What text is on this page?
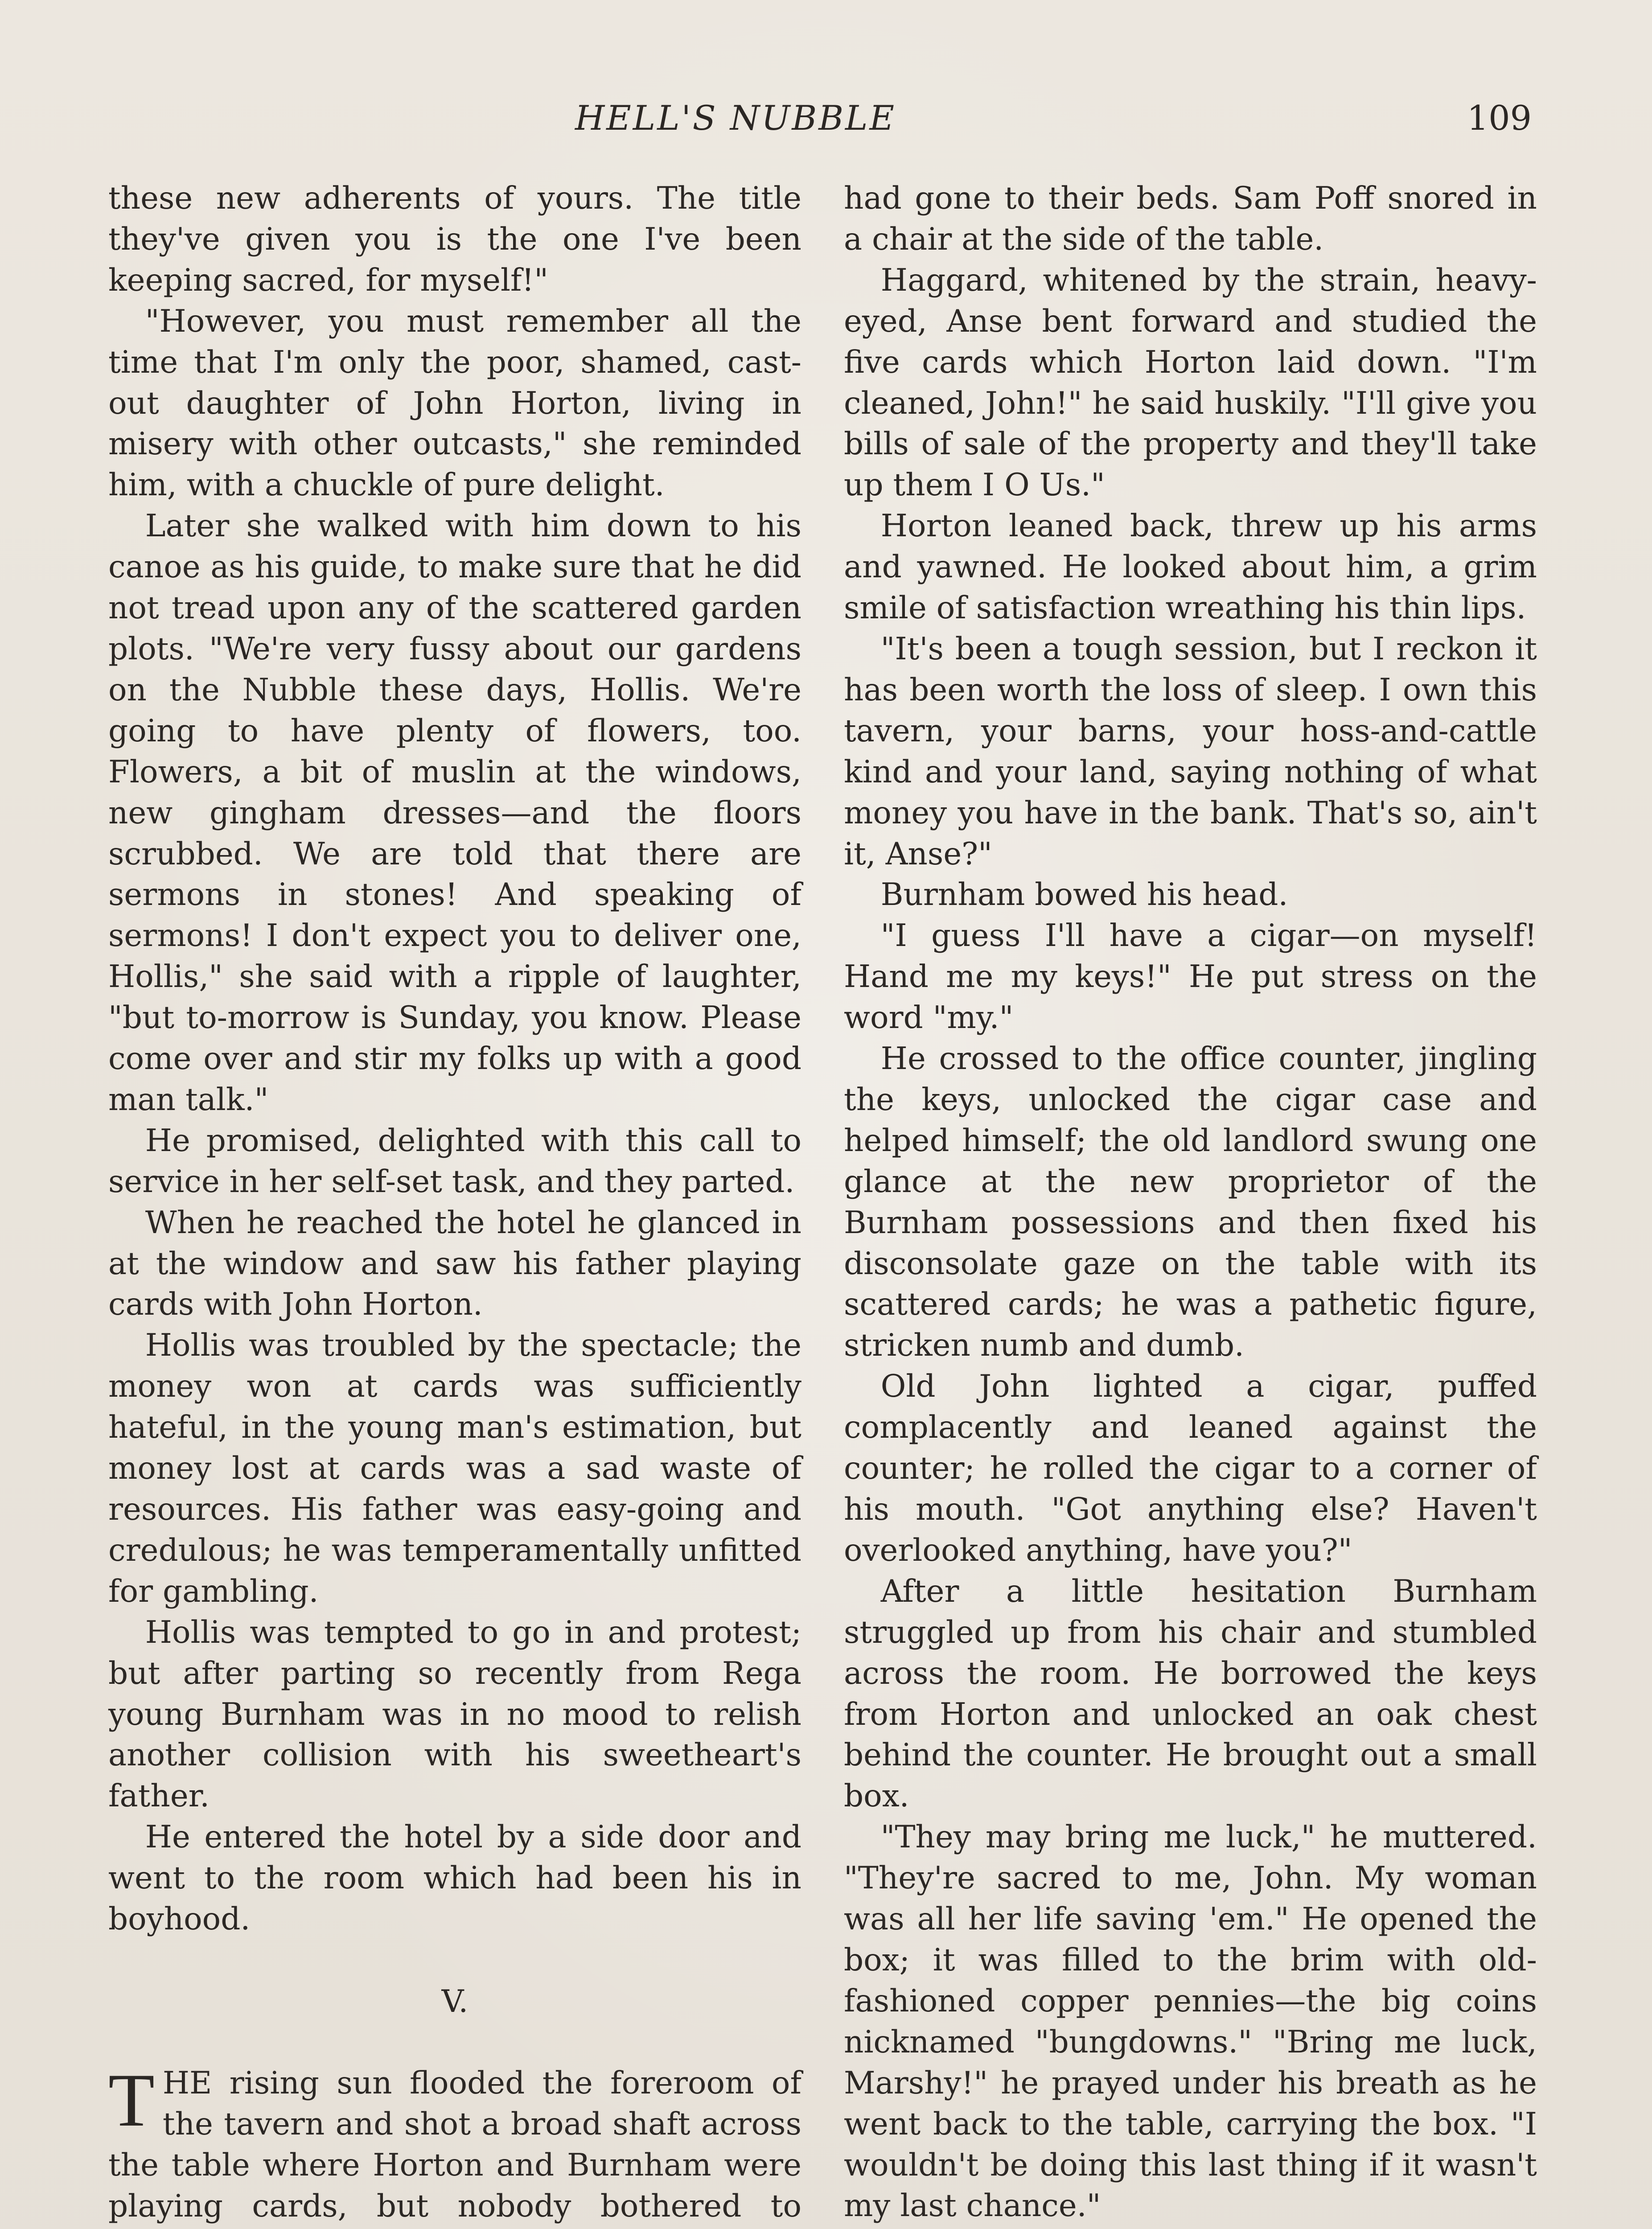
HELL'S NUBBLE	109

these new adherents of yours. The title they've given you is the one I've been keeping sacred, for myself!"

"However, you must remember all the time that I'm only the poor, shamed, cast-out daughter of John Horton, living in misery with other outcasts," she reminded him, with a chuckle of pure delight.

Later she walked with him down to his canoe as his guide, to make sure that he did not tread upon any of the scattered garden plots. "We're very fussy about our gardens on the Nubble these days, Hollis. We're going to have plenty of flowers, too. Flowers, a bit of muslin at the windows, new gingham dresses—and the floors scrubbed. We are told that there are sermons in stones! And speaking of sermons! I don't expect you to deliver one, Hollis," she said with a ripple of laughter, "but to-morrow is Sunday, you know. Please come over and stir my folks up with a good man talk."

He promised, delighted with this call to service in her self-set task, and they parted.

When he reached the hotel he glanced in at the window and saw his father playing cards with John Horton.

Hollis was troubled by the spectacle; the money won at cards was sufficiently hateful, in the young man's estimation, but money lost at cards was a sad waste of resources. His father was easy-going and credulous; he was temperamentally unfitted for gambling.

Hollis was tempted to go in and protest; but after parting so recently from Rega young Burnham was in no mood to relish another collision with his sweetheart's father.

He entered the hotel by a side door and went to the room which had been his in boyhood.

V.

THE rising sun flooded the foreroom of the tavern and shot a broad shaft across the table where Horton and Burnham were playing cards, but nobody bothered to

had gone to their beds. Sam Poff snored in a chair at the side of the table.

Haggard, whitened by the strain, heavy-eyed, Anse bent forward and studied the five cards which Horton laid down. "I'm cleaned, John!" he said huskily. "I'll give you bills of sale of the property and they'll take up them I O Us."

Horton leaned back, threw up his arms and yawned. He looked about him, a grim smile of satisfaction wreathing his thin lips.

"It's been a tough session, but I reckon it has been worth the loss of sleep. I own this tavern, your barns, your hoss-and-cattle kind and your land, saying nothing of what money you have in the bank. That's so, ain't it, Anse?"

Burnham bowed his head.

"I guess I'll have a cigar—on myself! Hand me my keys!" He put stress on the word "my."

He crossed to the office counter, jingling the keys, unlocked the cigar case and helped himself; the old landlord swung one glance at the new proprietor of the Burnham possessions and then fixed his disconsolate gaze on the table with its scattered cards; he was a pathetic figure, stricken numb and dumb.

Old John lighted a cigar, puffed complacently and leaned against the counter; he rolled the cigar to a corner of his mouth. "Got anything else? Haven't overlooked anything, have you?"

After a little hesitation Burnham struggled up from his chair and stumbled across the room. He borrowed the keys from Horton and unlocked an oak chest behind the counter. He brought out a small box.

"They may bring me luck," he muttered. "They're sacred to me, John. My woman was all her life saving 'em." He opened the box; it was filled to the brim with old-fashioned copper pennies—the big coins nicknamed "bungdowns." "Bring me luck, Marshy!" he prayed under his breath as he went back to the table, carrying the box. "I wouldn't be doing this last thing if it wasn't my last chance."
